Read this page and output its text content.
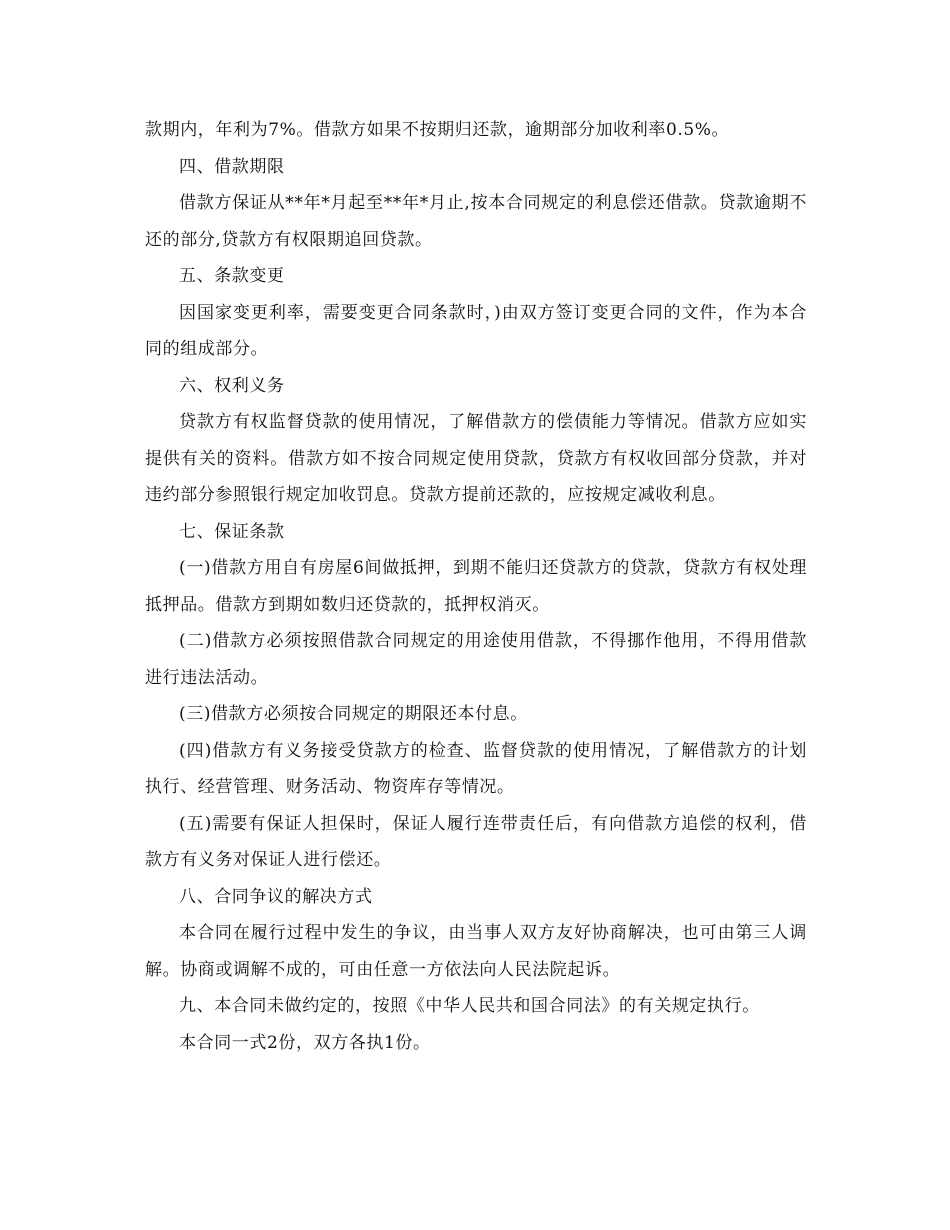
款期内，年利为7%。借款方如果不按期归还款，逾期部分加收利率0.5%。

四、借款期限

借款方保证从**年*月起至**年*月止,按本合同规定的利息偿还借款。贷款逾期不还的部分,贷款方有权限期追回贷款。

五、条款变更

因国家变更利率，需要变更合同条款时，)由双方签订变更合同的文件，作为本合同的组成部分。

六、权利义务

贷款方有权监督贷款的使用情况，了解借款方的偿债能力等情况。借款方应如实提供有关的资料。借款方如不按合同规定使用贷款，贷款方有权收回部分贷款，并对违约部分参照银行规定加收罚息。贷款方提前还款的，应按规定减收利息。

七、保证条款

(一)借款方用自有房屋6间做抵押，到期不能归还贷款方的贷款，贷款方有权处理抵押品。借款方到期如数归还贷款的，抵押权消灭。

(二)借款方必须按照借款合同规定的用途使用借款，不得挪作他用，不得用借款进行违法活动。

(三)借款方必须按合同规定的期限还本付息。

(四)借款方有义务接受贷款方的检查、监督贷款的使用情况，了解借款方的计划执行、经营管理、财务活动、物资库存等情况。

(五)需要有保证人担保时，保证人履行连带责任后，有向借款方追偿的权利，借款方有义务对保证人进行偿还。

八、合同争议的解决方式

本合同在履行过程中发生的争议，由当事人双方友好协商解决，也可由第三人调解。协商或调解不成的，可由任意一方依法向人民法院起诉。

九、本合同未做约定的，按照《中华人民共和国合同法》的有关规定执行。

本合同一式2份，双方各执1份。
